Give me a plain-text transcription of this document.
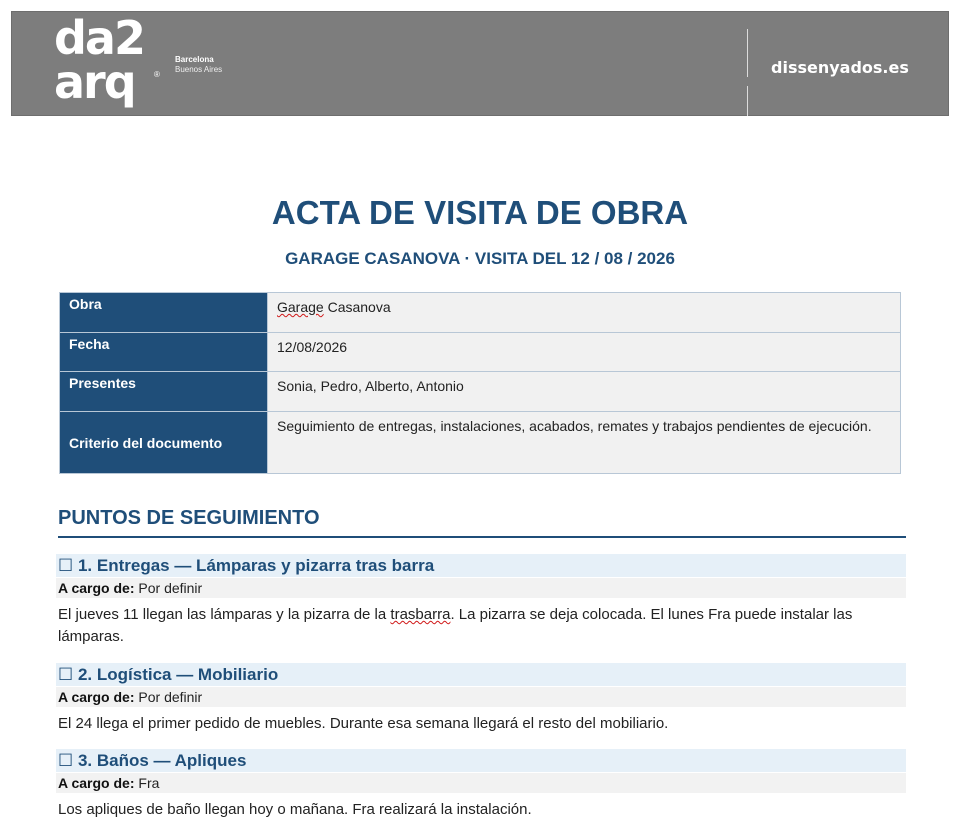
da2
arq	®
Barcelona
Buenos Aires	dissenyados.es
ACTA DE VISITA DE OBRA
GARAGE CASANOVA · VISITA DEL 12 / 08 / 2026
Obra	Garage Casanova
Fecha	12/08/2026
Presentes	Sonia, Pedro, Alberto, Antonio
Criterio del documento	Seguimiento de entregas, instalaciones, acabados, remates y trabajos pendientes de ejecución.
PUNTOS DE SEGUIMIENTO
☐ 1. Entregas — Lámparas y pizarra tras barra
A cargo de: Por definir
El jueves 11 llegan las lámparas y la pizarra de la trasbarra. La pizarra se deja colocada. El lunes Fra puede instalar las lámparas.
☐ 2. Logística — Mobiliario
A cargo de: Por definir
El 24 llega el primer pedido de muebles. Durante esa semana llegará el resto del mobiliario.
☐ 3. Baños — Apliques
A cargo de: Fra
Los apliques de baño llegan hoy o mañana. Fra realizará la instalación.
